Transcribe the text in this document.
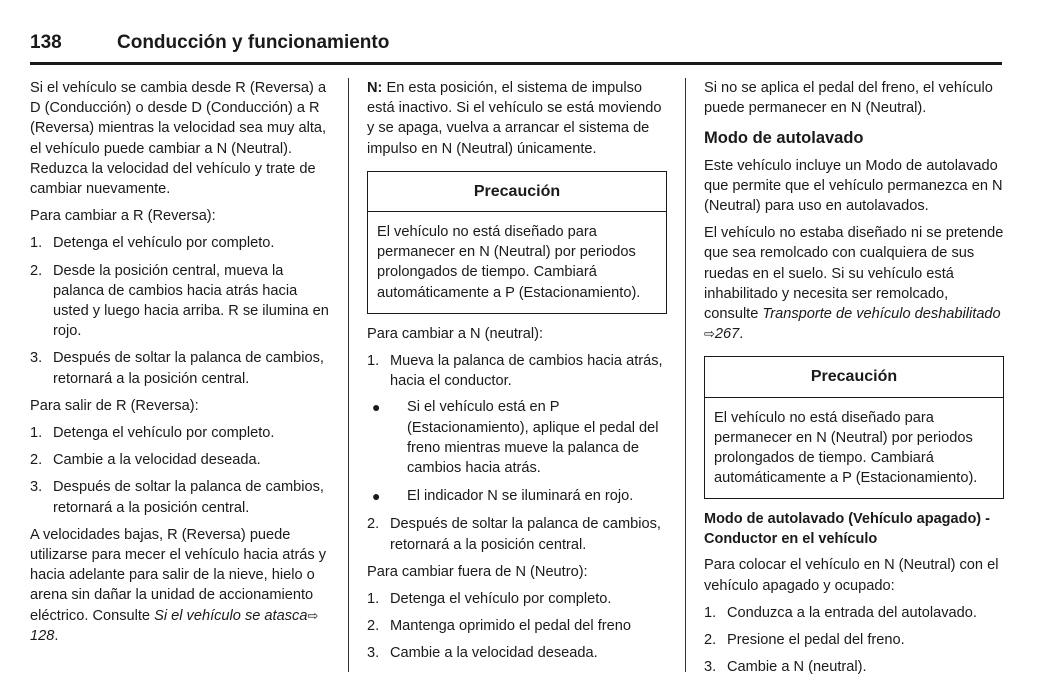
138	Conducción y funcionamiento

Si el vehículo se cambia desde R (Reversa) a D (Conducción) o desde D (Conducción) a R (Reversa) mientras la velocidad sea muy alta, el vehículo puede cambiar a N (Neutral). Reduzca la velocidad del vehículo y trate de cambiar nuevamente.

Para cambiar a R (Reversa):

1. Detenga el vehículo por completo.
2. Desde la posición central, mueva la palanca de cambios hacia atrás hacia usted y luego hacia arriba. R se ilumina en rojo.
3. Después de soltar la palanca de cambios, retornará a la posición central.

Para salir de R (Reversa):

1. Detenga el vehículo por completo.
2. Cambie a la velocidad deseada.
3. Después de soltar la palanca de cambios, retornará a la posición central.

A velocidades bajas, R (Reversa) puede utilizarse para mecer el vehículo hacia atrás y hacia adelante para salir de la nieve, hielo o arena sin dañar la unidad de accionamiento eléctrico. Consulte Si el vehículo se atasca⇨128.

N: En esta posición, el sistema de impulso está inactivo. Si el vehículo se está moviendo y se apaga, vuelva a arrancar el sistema de impulso en N (Neutral) únicamente.

Precaución
El vehículo no está diseñado para permanecer en N (Neutral) por periodos prolongados de tiempo. Cambiará automáticamente a P (Estacionamiento).

Para cambiar a N (neutral):

1. Mueva la palanca de cambios hacia atrás, hacia el conductor.
● Si el vehículo está en P (Estacionamiento), aplique el pedal del freno mientras mueve la palanca de cambios hacia atrás.
● El indicador N se iluminará en rojo.
2. Después de soltar la palanca de cambios, retornará a la posición central.

Para cambiar fuera de N (Neutro):

1. Detenga el vehículo por completo.
2. Mantenga oprimido el pedal del freno
3. Cambie a la velocidad deseada.

Si no se aplica el pedal del freno, el vehículo puede permanecer en N (Neutral).

Modo de autolavado

Este vehículo incluye un Modo de autolavado que permite que el vehículo permanezca en N (Neutral) para uso en autolavados.

El vehículo no estaba diseñado ni se pretende que sea remolcado con cualquiera de sus ruedas en el suelo. Si su vehículo está inhabilitado y necesita ser remolcado, consulte Transporte de vehículo deshabilitado⇨267.

Precaución
El vehículo no está diseñado para permanecer en N (Neutral) por periodos prolongados de tiempo. Cambiará automáticamente a P (Estacionamiento).
Modo de autolavado (Vehículo apagado) - Conductor en el vehículo

Para colocar el vehículo en N (Neutral) con el vehículo apagado y ocupado:

1. Conduzca a la entrada del autolavado.
2. Presione el pedal del freno.
3. Cambie a N (neutral).
